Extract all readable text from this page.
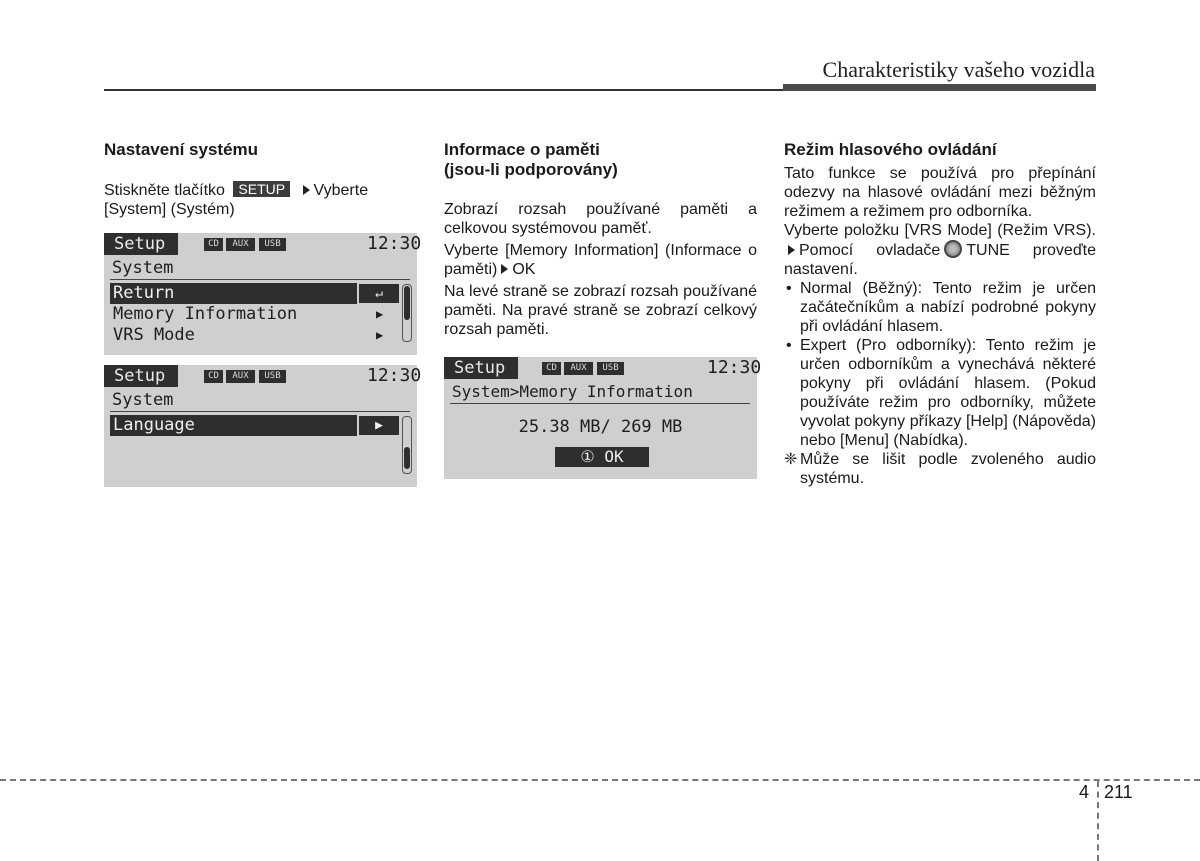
Charakteristiky vašeho vozidla
Nastavení systému

Stiskněte tlačítko SETUP Vyberte
[System] (Systém)

Setup	CD	AUX	USB	12:30
System
Return	↵
Memory Information	▶
VRS Mode	▶
Setup	CD	AUX	USB	12:30
System
Language	▶
Informace o paměti
(jsou-li podporovány)

Zobrazí rozsah používané paměti a celkovou systémovou paměť.

Vyberte [Memory Information] (Informace o paměti) OK

Na levé straně se zobrazí rozsah používané paměti. Na pravé straně se zobrazí celkový rozsah paměti.

Setup	CD	AUX	USB	12:30
System>Memory Information
25.38 MB/ 269 MB
① OK
Režim hlasového ovládání

Tato funkce se používá pro přepínání odezvy na hlasové ovládání mezi běžným režimem a režimem pro odborníka.

Vyberte položku [VRS Mode] (Režim VRS).Pomocí ovladače TUNE proveďte nastavení.

• Normal (Běžný): Tento režim je určen začátečníkům a nabízí podrobné pokyny při ovládání hlasem.
• Expert (Pro odborníky): Tento režim je určen odborníkům a vynechává některé pokyny při ovládání hlasem. (Pokud používáte režim pro odborníky, můžete vyvolat pokyny příkazy [Help] (Nápověda) nebo [Menu] (Nabídka).
❈ Může se lišit podle zvoleného audio systému.
4 211
